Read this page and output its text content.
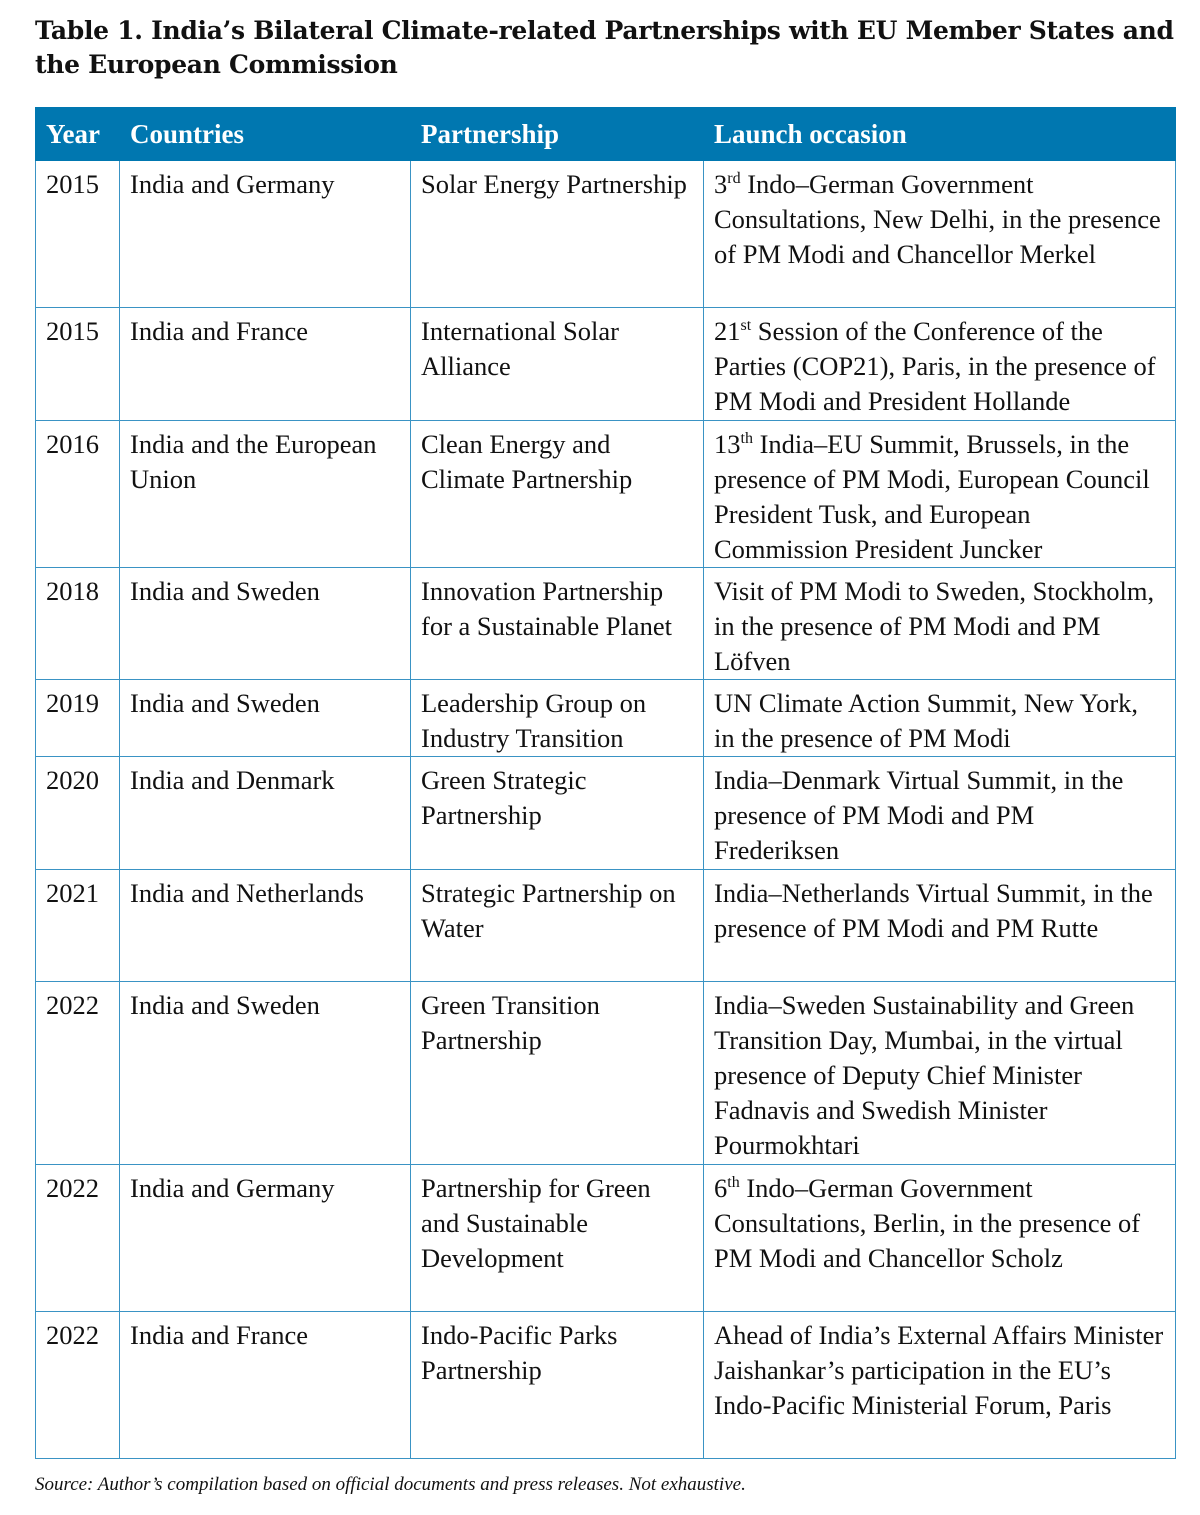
Table 1. India’s Bilateral Climate-related Partnerships with EU Member States and the European Commission
Year	Countries	Partnership	Launch occasion
2015	India and Germany	Solar Energy Partnership	3rd Indo–German Government Consultations, New Delhi, in the presence of PM Modi and Chancellor Merkel
2015	India and France	International Solar Alliance	21st Session of the Conference of the Parties (COP21), Paris, in the presence of PM Modi and President Hollande
2016	India and the European Union	Clean Energy and Climate Partnership	13th India–EU Summit, Brussels, in the presence of PM Modi, European Council President Tusk, and European Commission President Juncker
2018	India and Sweden	Innovation Partnership for a Sustainable Planet	Visit of PM Modi to Sweden, Stockholm, in the presence of PM Modi and PM Löfven
2019	India and Sweden	Leadership Group on Industry Transition	UN Climate Action Summit, New York, in the presence of PM Modi
2020	India and Denmark	Green Strategic Partnership	India–Denmark Virtual Summit, in the presence of PM Modi and PM Frederiksen
2021	India and Netherlands	Strategic Partnership on Water	India–Netherlands Virtual Summit, in the presence of PM Modi and PM Rutte
2022	India and Sweden	Green Transition Partnership	India–Sweden Sustainability and Green Transition Day, Mumbai, in the virtual presence of Deputy Chief Minister Fadnavis and Swedish Minister Pourmokhtari
2022	India and Germany	Partnership for Green and Sustainable Development	6th Indo–German Government Consultations, Berlin, in the presence of PM Modi and Chancellor Scholz
2022	India and France	Indo-Pacific Parks Partnership	Ahead of India’s External Affairs Minister Jaishankar’s participation in the EU’s Indo-Pacific Ministerial Forum, Paris
Source: Author’s compilation based on official documents and press releases. Not exhaustive.
